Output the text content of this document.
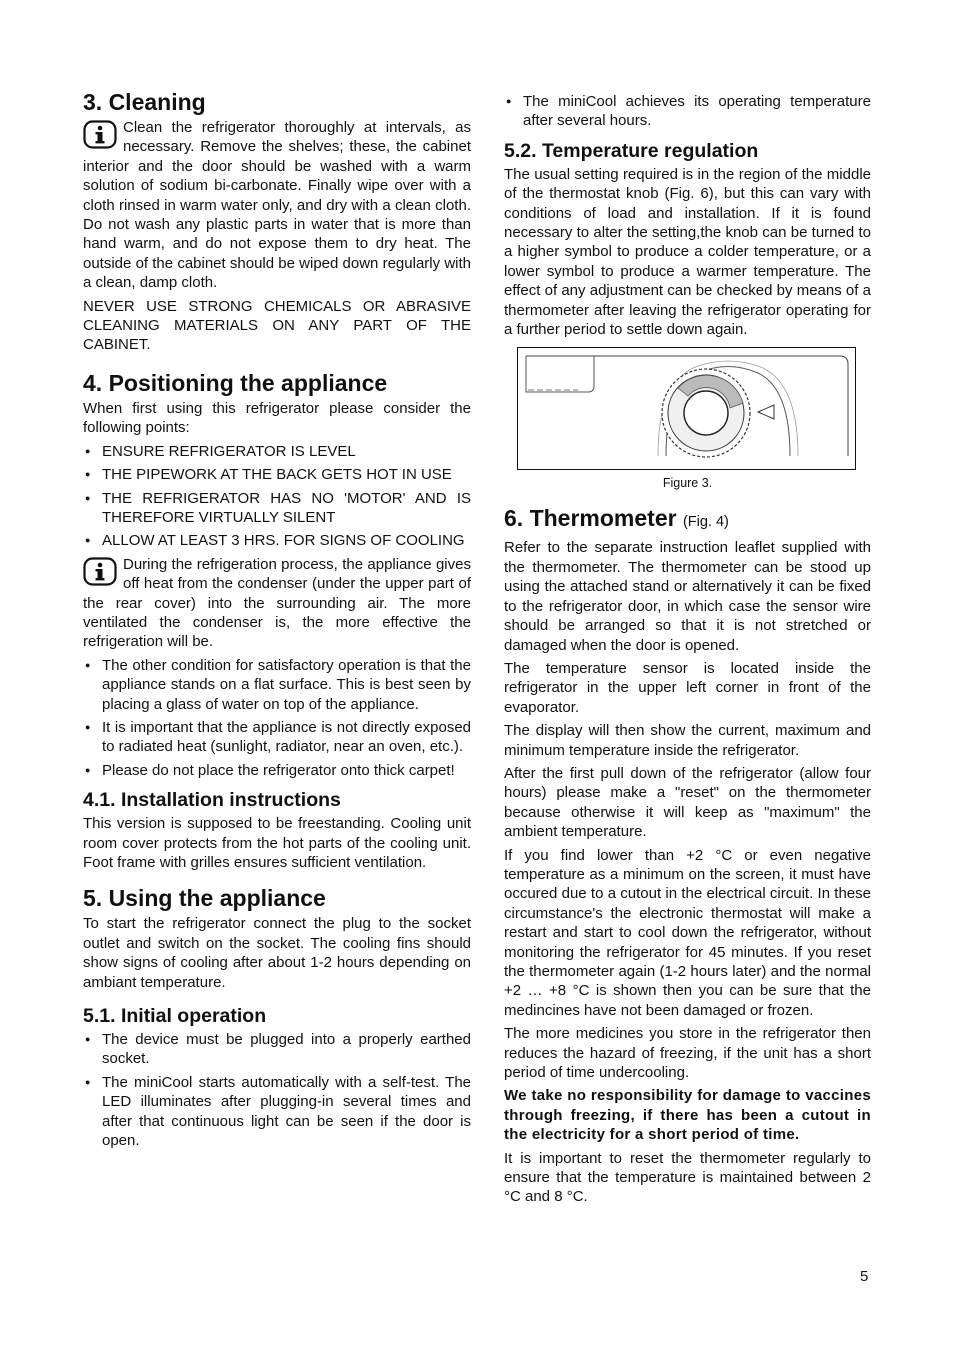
3. Cleaning

Clean the refrigerator thoroughly at intervals, as necessary. Remove the shelves; these, the cabinet interior and the door should be washed with a warm solution of sodium bi-carbonate. Finally wipe over with a cloth rinsed in warm water only, and dry with a clean cloth. Do not wash any plastic parts in water that is more than hand warm, and do not expose them to dry heat. The outside of the cabinet should be wiped down regularly with a clean, damp cloth.

NEVER USE STRONG CHEMICALS OR ABRASIVE CLEANING MATERIALS ON ANY PART OF THE CABINET.

4. Positioning the appliance

When first using this refrigerator please consider the following points:

● ENSURE REFRIGERATOR IS LEVEL
● THE PIPEWORK AT THE BACK GETS HOT IN USE
● THE REFRIGERATOR HAS NO 'MOTOR' AND IS THEREFORE VIRTUALLY SILENT
● ALLOW AT LEAST 3 HRS. FOR SIGNS OF COOLING

During the refrigeration process, the appliance gives off heat from the condenser (under the upper part of the rear cover) into the surrounding air. The more ventilated the condenser is, the more effective the refrigeration will be.

● The other condition for satisfactory operation is that the appliance stands on a flat surface. This is best seen by placing a glass of water on top of the appliance.
● It is important that the appliance is not directly exposed to radiated heat (sunlight, radiator, near an oven, etc.).
● Please do not place the refrigerator onto thick carpet!
4.1. Installation instructions

This version is supposed to be freestanding. Cooling unit room cover protects from the hot parts of the cooling unit. Foot frame with grilles ensures sufficient ventilation.

5. Using the appliance

To start the refrigerator connect the plug to the socket outlet and switch on the socket. The cooling fins should show signs of cooling after about 1-2 hours depending on ambiant temperature.

5.1. Initial operation
● The device must be plugged into a properly earthed socket.
● The miniCool starts automatically with a self-test. The LED illuminates after plugging-in several times and after that continuous light can be seen if the door is open.
● The miniCool achieves its operating temperature after several hours.
5.2. Temperature regulation

The usual setting required is in the region of the middle of the thermostat knob (Fig. 6), but this can vary with conditions of load and installation. If it is found necessary to alter the setting,the knob can be turned to a higher symbol to produce a colder temperature, or a lower symbol to produce a warmer temperature. The effect of any adjustment can be checked by means of a thermometer after leaving the refrigerator operating for a further period to settle down again.

Figure 3.
6. Thermometer (Fig. 4)

Refer to the separate instruction leaflet supplied with the thermometer. The thermometer can be stood up using the attached stand or alternatively it can be fixed to the refrigerator door, in which case the sensor wire should be arranged so that it is not stretched or damaged when the door is opened.

The temperature sensor is located inside the refrigerator in the upper left corner in front of the evaporator.

The display will then show the current, maximum and minimum temperature inside the refrigerator.

After the first pull down of the refrigerator (allow four hours) please make a "reset" on the thermometer because otherwise it will keep as "maximum" the ambient temperature.

If you find lower than +2 °C or even negative temperature as a minimum on the screen, it must have occured due to a cutout in the electrical circuit. In these circumstance's the electronic thermostat will make a restart and start to cool down the refrigerator, without monitoring the refrigerator for 45 minutes. If you reset the thermometer again (1-2 hours later) and the normal +2 … +8 °C is shown then you can be sure that the medincines have not been damaged or frozen.

The more medicines you store in the refrigerator then reduces the hazard of freezing, if the unit has a short period of time undercooling.

We take no responsibility for damage to vaccines through freezing, if there has been a cutout in the electricity for a short period of time.

It is important to reset the thermometer regularly to ensure that the temperature is maintained between 2 °C and 8 °C.

5
